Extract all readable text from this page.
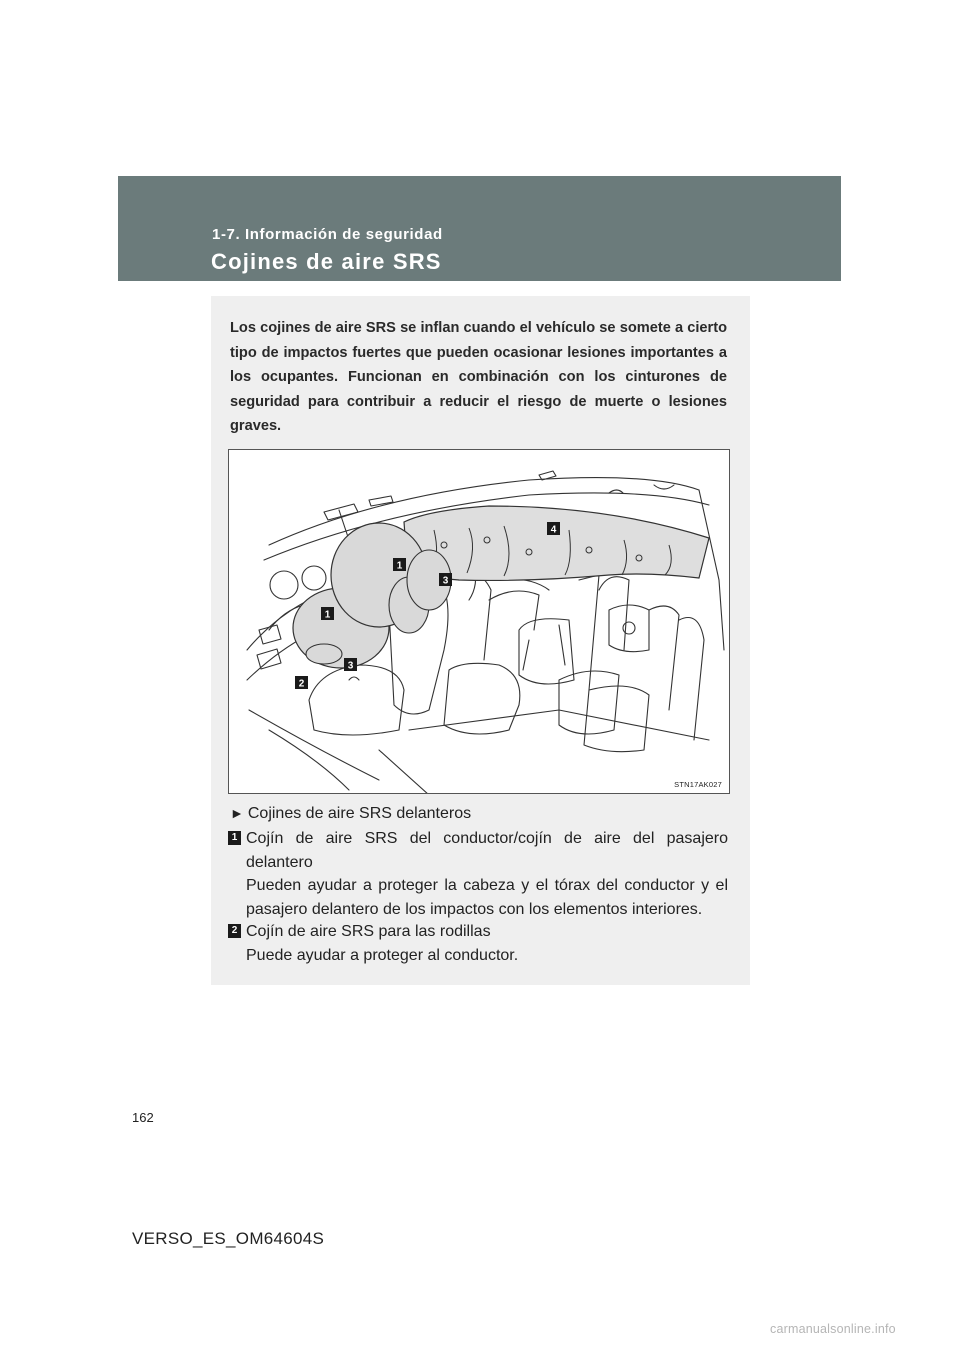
1-7. Información de seguridad
Cojines de aire SRS
Los cojines de aire SRS se inflan cuando el vehículo se somete a cierto tipo de impactos fuertes que pueden ocasionar lesiones importantes a los ocupantes. Funcionan en combinación con los cinturones de seguridad para contribuir a reducir el riesgo de muerte o lesiones graves.
1
1
2
3
3
4
STN17AK027
► Cojines de aire SRS delanteros
1 Cojín de aire SRS del conductor/cojín de aire del pasajero delantero
Pueden ayudar a proteger la cabeza y el tórax del conductor y el pasajero delantero de los impactos con los elementos interiores.
2 Cojín de aire SRS para las rodillas
Puede ayudar a proteger al conductor.
162
VERSO_ES_OM64604S
carmanualsonline.info
